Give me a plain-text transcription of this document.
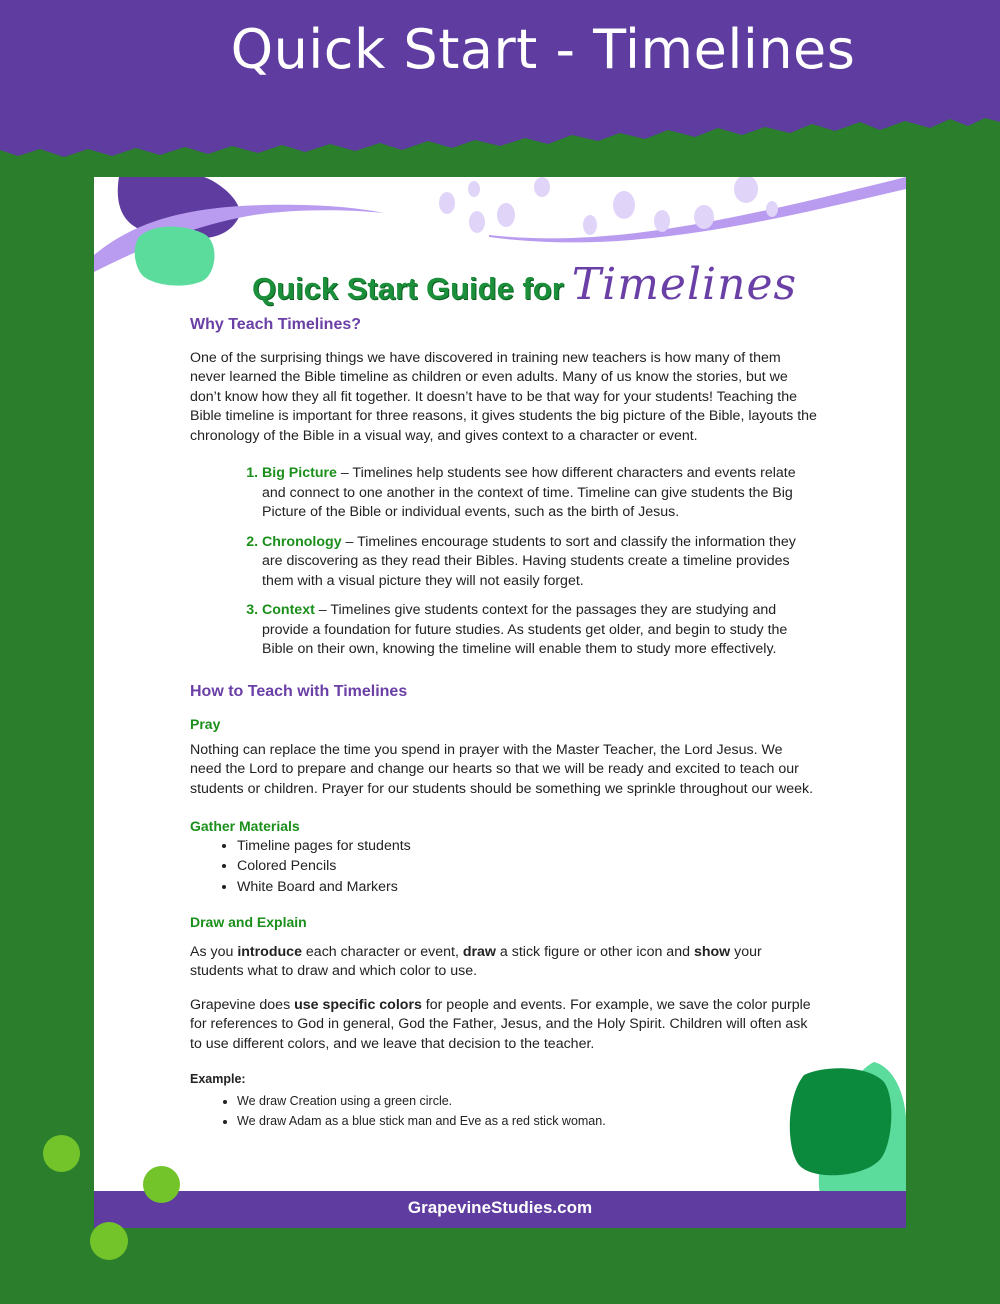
Quick Start - Timelines
Quick Start Guide for Timelines
Why Teach Timelines?

One of the surprising things we have discovered in training new teachers is how many of them never learned the Bible timeline as children or even adults. Many of us know the stories, but we don’t know how they all fit together. It doesn’t have to be that way for your students! Teaching the Bible timeline is important for three reasons, it gives students the big picture of the Bible, layouts the chronology of the Bible in a visual way, and gives context to a character or event.

1. Big Picture – Timelines help students see how different characters and events relate and connect to one another in the context of time. Timeline can give students the Big Picture of the Bible or individual events, such as the birth of Jesus.
2. Chronology – Timelines encourage students to sort and classify the information they are discovering as they read their Bibles. Having students create a timeline provides them with a visual picture they will not easily forget.
3. Context – Timelines give students context for the passages they are studying and provide a foundation for future studies. As students get older, and begin to study the Bible on their own, knowing the timeline will enable them to study more effectively.
How to Teach with Timelines
Pray

Nothing can replace the time you spend in prayer with the Master Teacher, the Lord Jesus. We need the Lord to prepare and change our hearts so that we will be ready and excited to teach our students or children. Prayer for our students should be something we sprinkle throughout our week.

Gather Materials
• Timeline pages for students
• Colored Pencils
• White Board and Markers
Draw and Explain

As you introduce each character or event, draw a stick figure or other icon and show your students what to draw and which color to use.

Grapevine does use specific colors for people and events. For example, we save the color purple for references to God in general, God the Father, Jesus, and the Holy Spirit. Children will often ask to use different colors, and we leave that decision to the teacher.

Example:
• We draw Creation using a green circle.
• We draw Adam as a blue stick man and Eve as a red stick woman.
GrapevineStudies.com
